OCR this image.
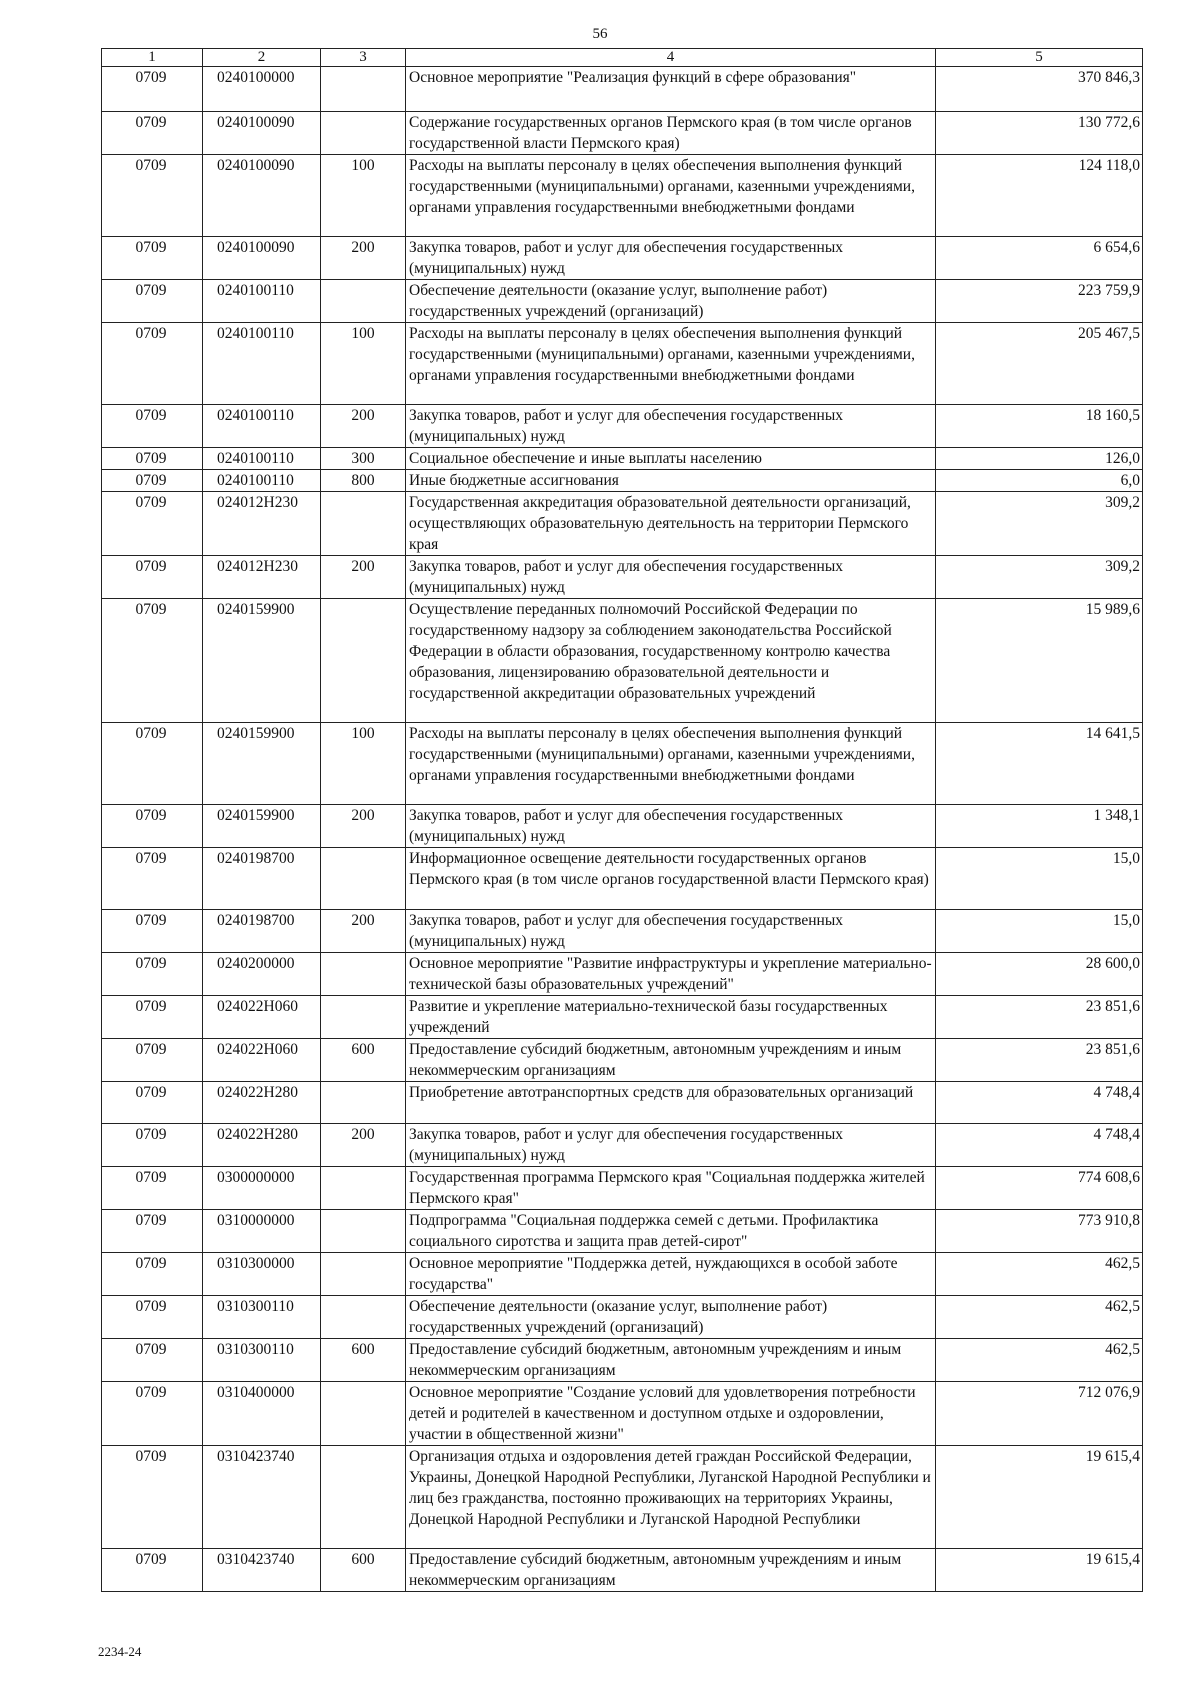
56
1	2	3	4	5
0709	0240100000		Основное мероприятие "Реализация функций в сфере образования"	370 846,3
0709	0240100090		Содержание государственных органов Пермского края (в том числе органов государственной власти Пермского края)	130 772,6
0709	0240100090	100	Расходы на выплаты персоналу в целях обеспечения выполнения функций государственными (муниципальными) органами, казенными учреждениями, органами управления государственными внебюджетными фондами	124 118,0
0709	0240100090	200	Закупка товаров, работ и услуг для обеспечения государственных (муниципальных) нужд	6 654,6
0709	0240100110		Обеспечение деятельности (оказание услуг, выполнение работ) государственных учреждений (организаций)	223 759,9
0709	0240100110	100	Расходы на выплаты персоналу в целях обеспечения выполнения функций государственными (муниципальными) органами, казенными учреждениями, органами управления государственными внебюджетными фондами	205 467,5
0709	0240100110	200	Закупка товаров, работ и услуг для обеспечения государственных (муниципальных) нужд	18 160,5
0709	0240100110	300	Социальное обеспечение и иные выплаты населению	126,0
0709	0240100110	800	Иные бюджетные ассигнования	6,0
0709	024012Н230		Государственная аккредитация образовательной деятельности организаций, осуществляющих образовательную деятельность на территории Пермского края	309,2
0709	024012Н230	200	Закупка товаров, работ и услуг для обеспечения государственных (муниципальных) нужд	309,2
0709	0240159900		Осуществление переданных полномочий Российской Федерации по государственному надзору за соблюдением законодательства Российской Федерации в области образования, государственному контролю качества образования, лицензированию образовательной деятельности и государственной аккредитации образовательных учреждений	15 989,6
0709	0240159900	100	Расходы на выплаты персоналу в целях обеспечения выполнения функций государственными (муниципальными) органами, казенными учреждениями, органами управления государственными внебюджетными фондами	14 641,5
0709	0240159900	200	Закупка товаров, работ и услуг для обеспечения государственных (муниципальных) нужд	1 348,1
0709	0240198700		Информационное освещение деятельности государственных органов Пермского края (в том числе органов государственной власти Пермского края)	15,0
0709	0240198700	200	Закупка товаров, работ и услуг для обеспечения государственных (муниципальных) нужд	15,0
0709	0240200000		Основное мероприятие "Развитие инфраструктуры и укрепление материально-технической базы образовательных учреждений"	28 600,0
0709	024022Н060		Развитие и укрепление материально-технической базы государственных учреждений	23 851,6
0709	024022Н060	600	Предоставление субсидий бюджетным, автономным учреждениям и иным некоммерческим организациям	23 851,6
0709	024022Н280		Приобретение автотранспортных средств для образовательных организаций	4 748,4
0709	024022Н280	200	Закупка товаров, работ и услуг для обеспечения государственных (муниципальных) нужд	4 748,4
0709	0300000000		Государственная программа Пермского края "Социальная поддержка жителей Пермского края"	774 608,6
0709	0310000000		Подпрограмма "Социальная поддержка семей с детьми. Профилактика социального сиротства и защита прав детей-сирот"	773 910,8
0709	0310300000		Основное мероприятие "Поддержка детей, нуждающихся в особой заботе государства"	462,5
0709	0310300110		Обеспечение деятельности (оказание услуг, выполнение работ) государственных учреждений (организаций)	462,5
0709	0310300110	600	Предоставление субсидий бюджетным, автономным учреждениям и иным некоммерческим организациям	462,5
0709	0310400000		Основное мероприятие "Создание условий для удовлетворения потребности детей и родителей в качественном и доступном отдыхе и оздоровлении, участии в общественной жизни"	712 076,9
0709	0310423740		Организация отдыха и оздоровления детей граждан Российской Федерации, Украины, Донецкой Народной Республики, Луганской Народной Республики и лиц без гражданства, постоянно проживающих на территориях Украины, Донецкой Народной Республики и Луганской Народной Республики	19 615,4
0709	0310423740	600	Предоставление субсидий бюджетным, автономным учреждениям и иным некоммерческим организациям	19 615,4
2234-24
